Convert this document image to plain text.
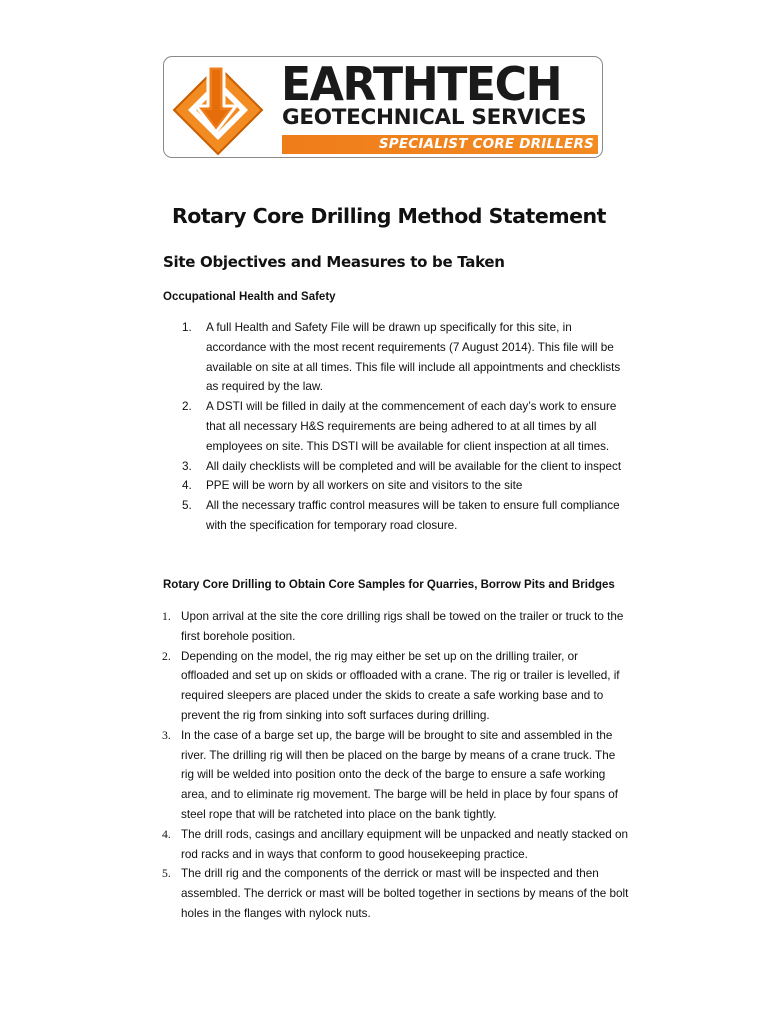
EARTHTECH
GEOTECHNICAL SERVICES
SPECIALIST CORE DRILLERS
Rotary Core Drilling Method Statement
Site Objectives and Measures to be Taken
Occupational Health and Safety
1. A full Health and Safety File will be drawn up specifically for this site, in accordance with the most recent requirements (7 August 2014). This file will be available on site at all times. This file will include all appointments and checklists as required by the law.
2. A DSTI will be filled in daily at the commencement of each day’s work to ensure that all necessary H&S requirements are being adhered to at all times by all employees on site. This DSTI will be available for client inspection at all times.
3. All daily checklists will be completed and will be available for the client to inspect
4. PPE will be worn by all workers on site and visitors to the site
5. All the necessary traffic control measures will be taken to ensure full compliance with the specification for temporary road closure.
Rotary Core Drilling to Obtain Core Samples for Quarries, Borrow Pits and Bridges
1. Upon arrival at the site the core drilling rigs shall be towed on the trailer or truck to the first borehole position.
2. Depending on the model, the rig may either be set up on the drilling trailer, or offloaded and set up on skids or offloaded with a crane. The rig or trailer is levelled, if required sleepers are placed under the skids to create a safe working base and to prevent the rig from sinking into soft surfaces during drilling.
3. In the case of a barge set up, the barge will be brought to site and assembled in the river. The drilling rig will then be placed on the barge by means of a crane truck. The rig will be welded into position onto the deck of the barge to ensure a safe working area, and to eliminate rig movement. The barge will be held in place by four spans of steel rope that will be ratcheted into place on the bank tightly.
4. The drill rods, casings and ancillary equipment will be unpacked and neatly stacked on rod racks and in ways that conform to good housekeeping practice.
5. The drill rig and the components of the derrick or mast will be inspected and then assembled. The derrick or mast will be bolted together in sections by means of the bolt holes in the flanges with nylock nuts.
